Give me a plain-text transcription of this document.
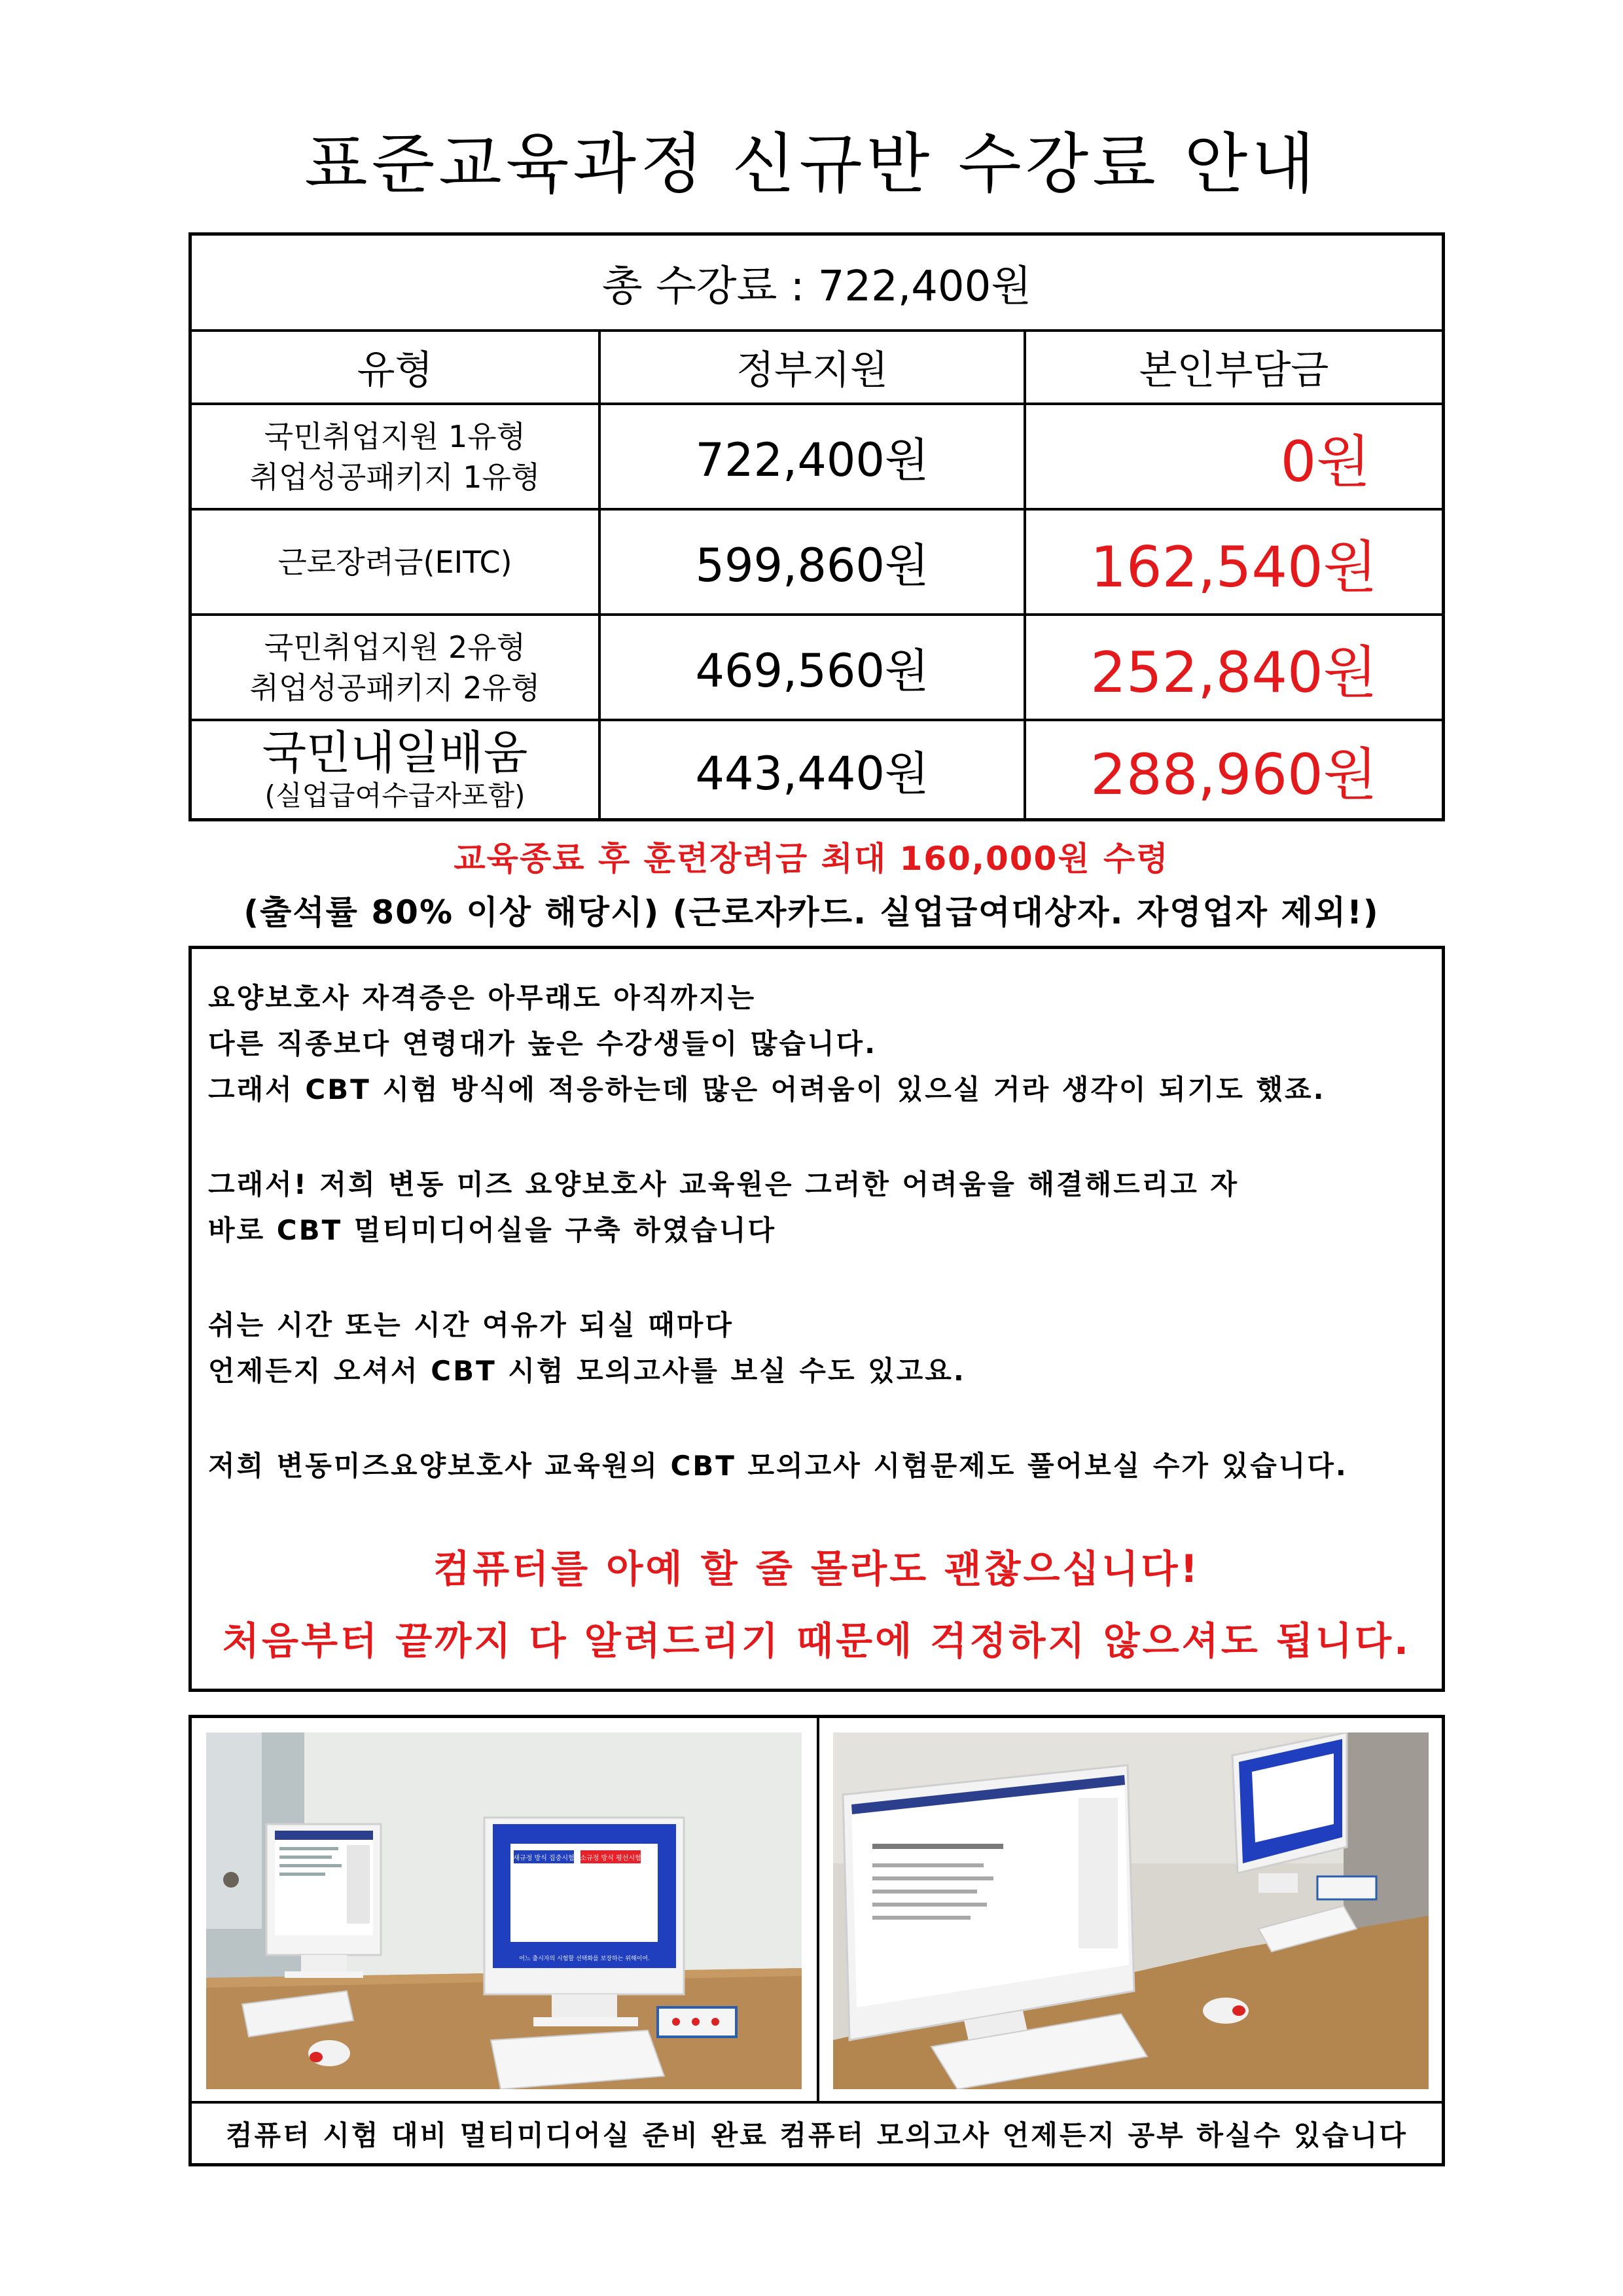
표준교육과정 신규반 수강료 안내
총 수강료 : 722,400원
유형	정부지원	본인부담금
국민취업지원 1유형
취업성공패키지 1유형	722,400원	0원
근로장려금(EITC)	599,860원	162,540원
국민취업지원 2유형
취업성공패키지 2유형	469,560원	252,840원
국민내일배움
(실업급여수급자포함)	443,440원	288,960원
교육종료 후 훈련장려금 최대 160,000원 수령
(출석률 80% 이상 해당시) (근로자카드. 실업급여대상자. 자영업자 제외!)
요양보호사 자격증은 아무래도 아직까지는
다른 직종보다 연령대가 높은 수강생들이 많습니다.
그래서 CBT 시험 방식에 적응하는데 많은 어려움이 있으실 거라 생각이 되기도 했죠.
그래서! 저희 변동 미즈 요양보호사 교육원은 그러한 어려움을 해결해드리고 자
바로 CBT 멀티미디어실을 구축 하였습니다
쉬는 시간 또는 시간 여유가 되실 때마다
언제든지 오셔서 CBT 시험 모의고사를 보실 수도 있고요.
저희 변동미즈요양보호사 교육원의 CBT 모의고사 시험문제도 풀어보실 수가 있습니다.
컴퓨터를 아예 할 줄 몰라도 괜찮으십니다!
처음부터 끝까지 다 알려드리기 때문에 걱정하지 않으셔도 됩니다.
새규정 방식 집중시험 소규정 방식 평선시험
어느 출시자의 시험할 선택화를 보장하는 위해이여.
컴퓨터 시험 대비 멀티미디어실 준비 완료 컴퓨터 모의고사 언제든지 공부 하실수 있습니다
